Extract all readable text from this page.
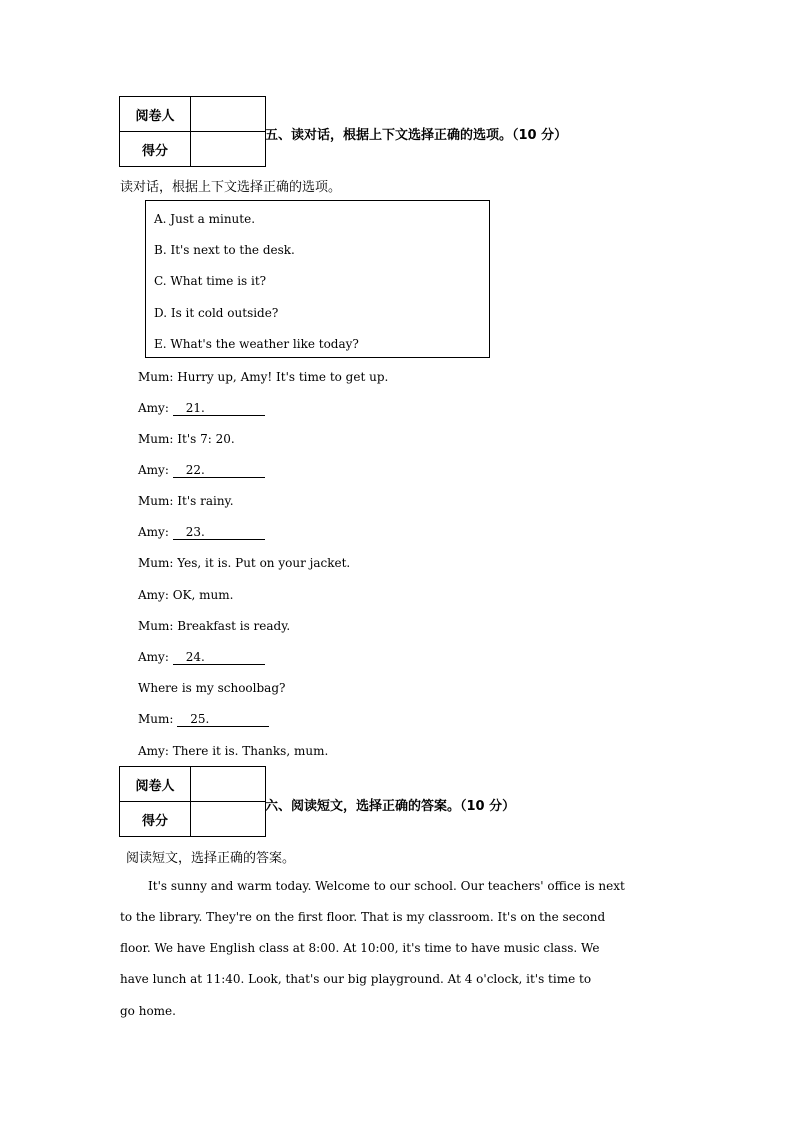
阅卷人	
得分	
五、读对话，根据上下文选择正确的选项。（10 分）
读对话，根据上下文选择正确的选项。
A. Just a minute.
B. It's next to the desk.
C. What time is it?
D. Is it cold outside?
E. What's the weather like today?
Mum: Hurry up, Amy! It's time to get up.
Amy: 21.
Mum: It's 7: 20.
Amy: 22.
Mum: It's rainy.
Amy: 23.
Mum: Yes, it is. Put on your jacket.
Amy: OK, mum.
Mum: Breakfast is ready.
Amy: 24.
Where is my schoolbag?
Mum: 25.
Amy: There it is. Thanks, mum.
阅卷人	
得分	
六、阅读短文，选择正确的答案。（10 分）
阅读短文，选择正确的答案。
It's sunny and warm today. Welcome to our school. Our teachers' office is next
to the library. They're on the first floor. That is my classroom. It's on the second
floor. We have English class at 8:00. At 10:00, it's time to have music class. We
have lunch at 11:40. Look, that's our big playground. At 4 o'clock, it's time to
go home.
